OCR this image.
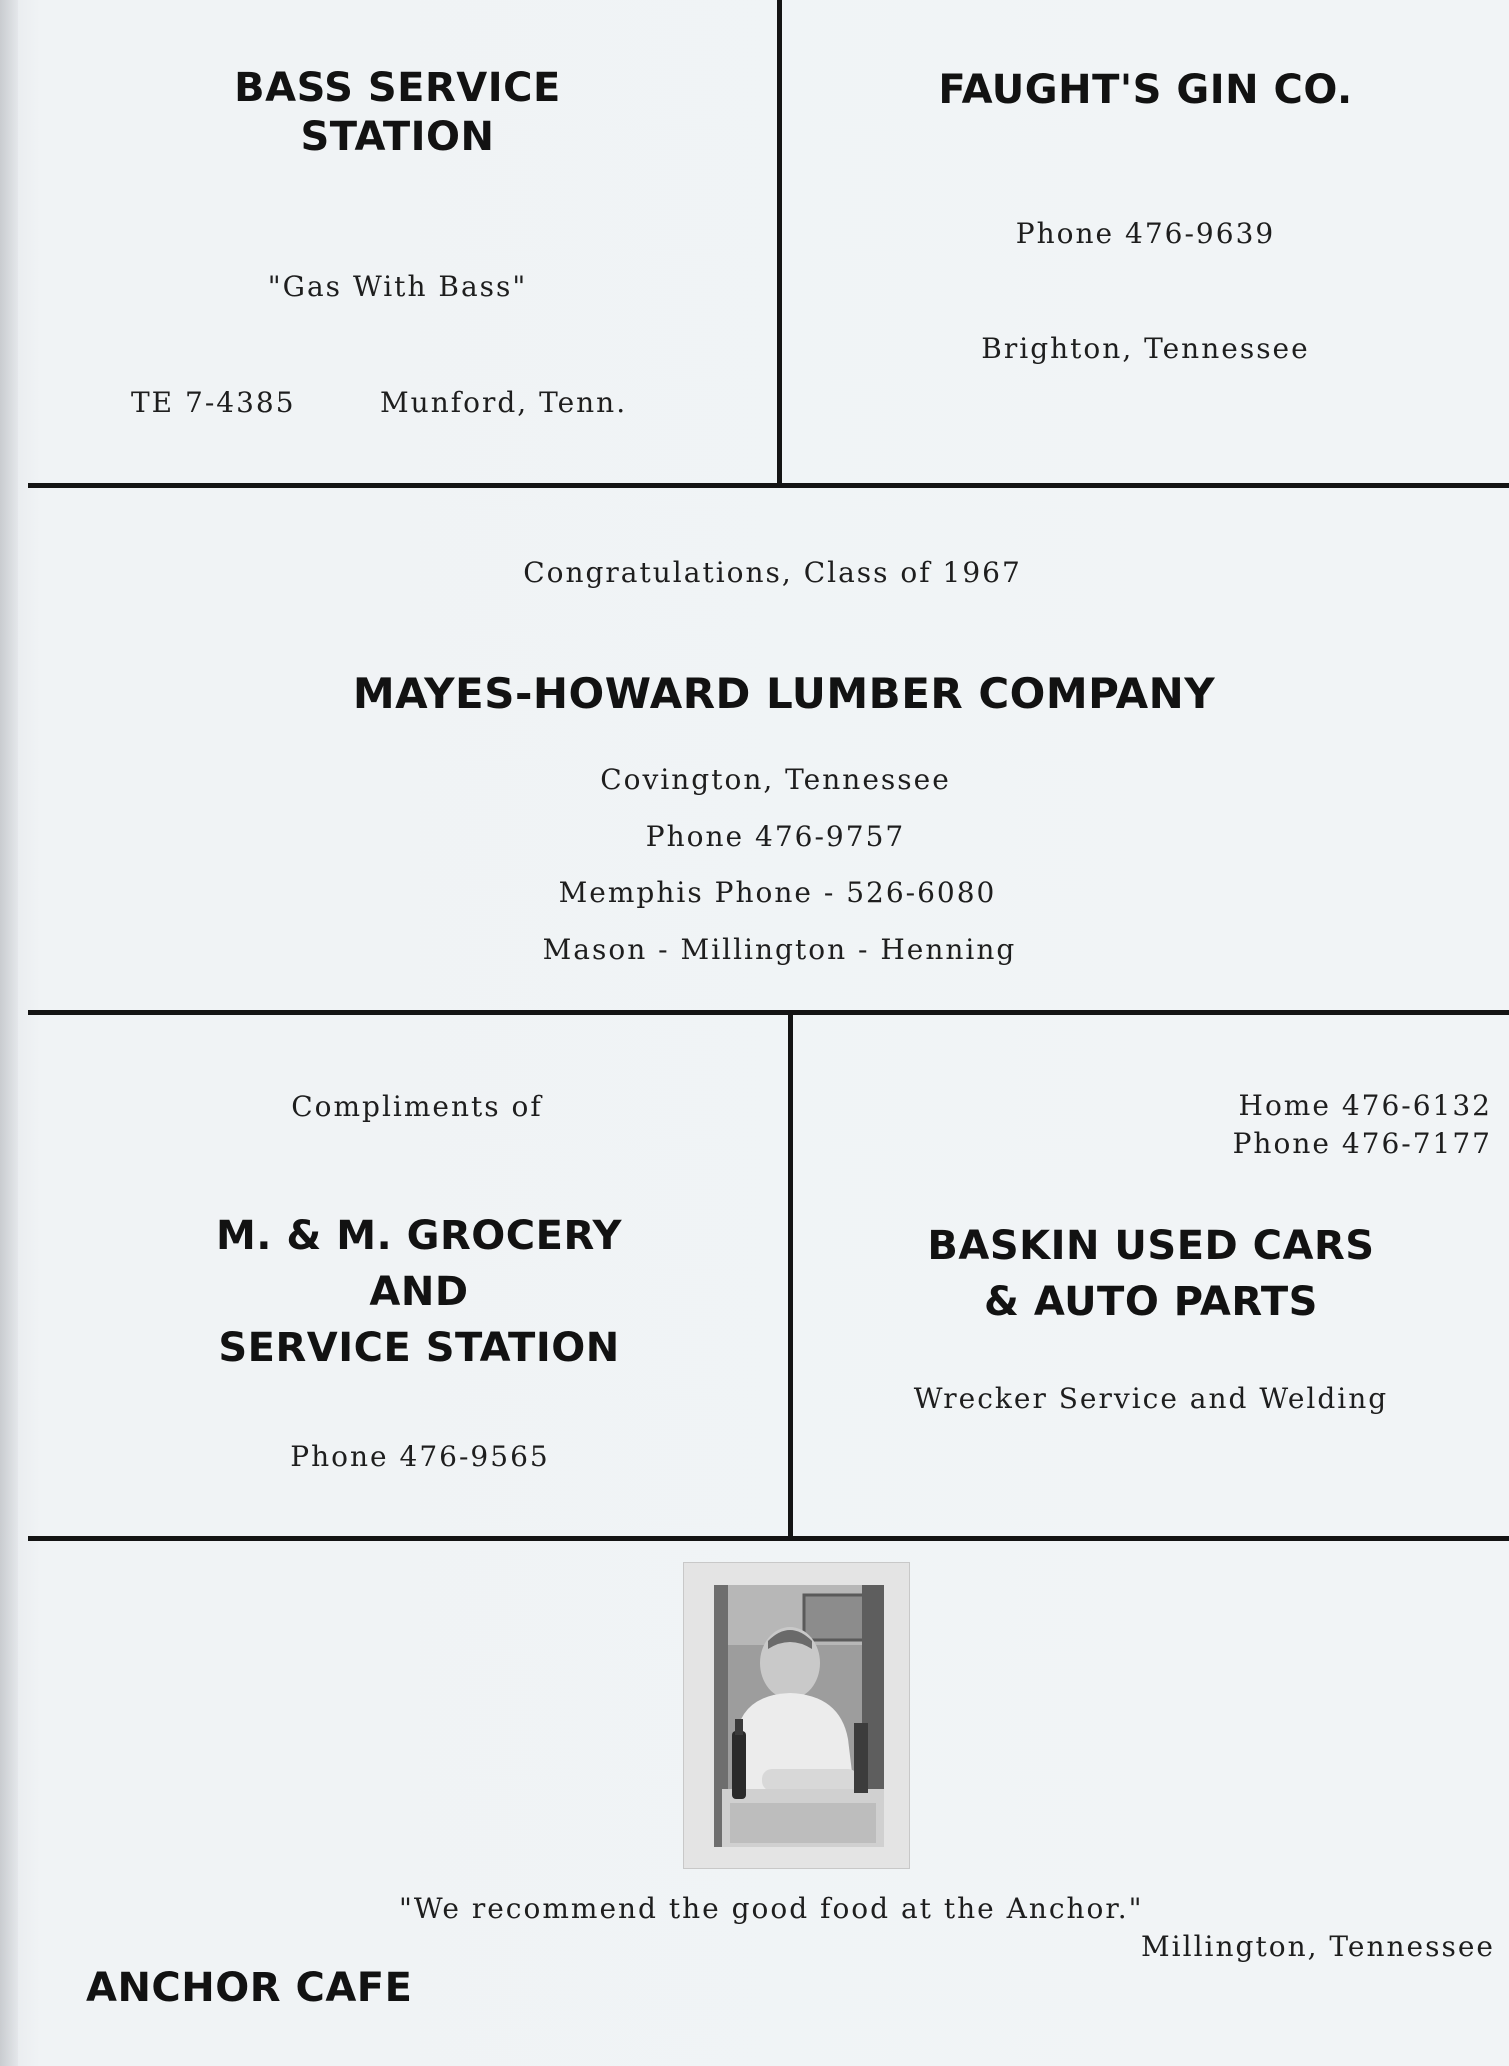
BASS SERVICE
STATION
"Gas With Bass"
TE 7-4385	Munford, Tenn.
FAUGHT'S GIN CO.
Phone 476-9639
Brighton, Tennessee
Congratulations, Class of 1967
MAYES-HOWARD LUMBER COMPANY
Covington, Tennessee
Phone 476-9757
Memphis Phone - 526-6080
Mason - Millington - Henning
Compliments of
M. & M. GROCERY
AND
SERVICE STATION
Phone 476-9565
Home 476-6132
Phone 476-7177
BASKIN USED CARS
& AUTO PARTS
Wrecker Service and Welding
"We recommend the good food at the Anchor."
Millington, Tennessee
ANCHOR CAFE
